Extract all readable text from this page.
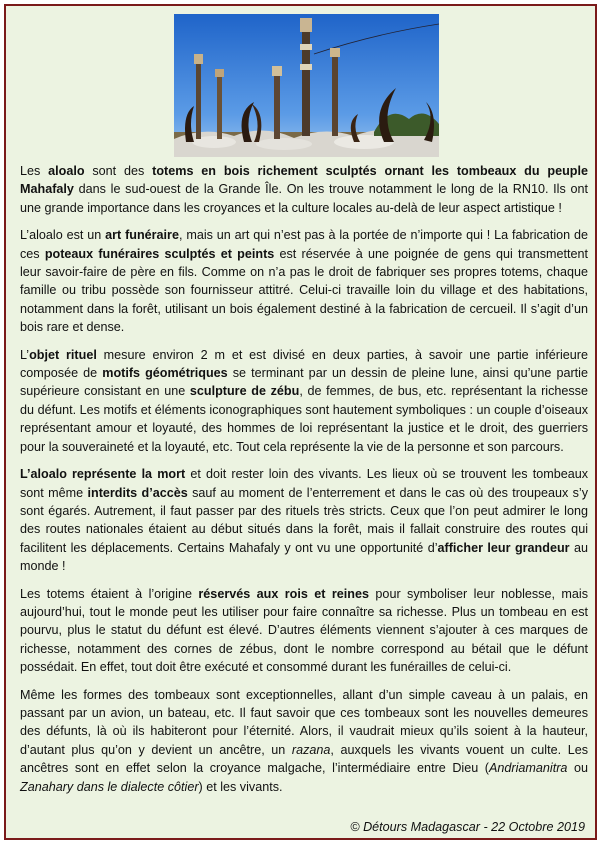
Les aloalo sont des totems en bois richement sculptés ornant les tombeaux du peuple Mahafaly dans le sud-ouest de la Grande Île. On les trouve notamment le long de la RN10. Ils ont une grande importance dans les croyances et la culture locales au-delà de leur aspect artistique !

L’aloalo est un art funéraire, mais un art qui n’est pas à la portée de n’importe qui ! La fabrication de ces poteaux funéraires sculptés et peints est réservée à une poignée de gens qui transmettent leur savoir-faire de père en fils. Comme on n’a pas le droit de fabriquer ses propres totems, chaque famille ou tribu possède son fournisseur attitré. Celui-ci travaille loin du village et des habitations, notamment dans la forêt, utilisant un bois également destiné à la fabrication de cercueil. Il s’agit d’un bois rare et dense.

L’objet rituel mesure environ 2 m et est divisé en deux parties, à savoir une partie inférieure composée de motifs géométriques se terminant par un dessin de pleine lune, ainsi qu’une partie supérieure consistant en une sculpture de zébu, de femmes, de bus, etc. représentant la richesse du défunt. Les motifs et éléments iconographiques sont hautement symboliques : un couple d’oiseaux représentant amour et loyauté, des hommes de loi représentant la justice et le droit, des guerriers pour la souveraineté et la loyauté, etc. Tout cela représente la vie de la personne et son parcours.

L’aloalo représente la mort et doit rester loin des vivants. Les lieux où se trouvent les tombeaux sont même interdits d’accès sauf au moment de l’enterrement et dans le cas où des troupeaux s’y sont égarés. Autrement, il faut passer par des rituels très stricts. Ceux que l’on peut admirer le long des routes nationales étaient au début situés dans la forêt, mais il fallait construire des routes qui facilitent les déplacements. Certains Mahafaly y ont vu une opportunité d’afficher leur grandeur au monde !

Les totems étaient à l’origine réservés aux rois et reines pour symboliser leur noblesse, mais aujourd’hui, tout le monde peut les utiliser pour faire connaître sa richesse. Plus un tombeau en est pourvu, plus le statut du défunt est élevé. D’autres éléments viennent s’ajouter à ces marques de richesse, notamment des cornes de zébus, dont le nombre correspond au bétail que le défunt possédait. En effet, tout doit être exécuté et consommé durant les funérailles de celui-ci.

Même les formes des tombeaux sont exceptionnelles, allant d’un simple caveau à un palais, en passant par un avion, un bateau, etc. Il faut savoir que ces tombeaux sont les nouvelles demeures des défunts, là où ils habiteront pour l’éternité. Alors, il vaudrait mieux qu’ils soient à la hauteur, d’autant plus qu’on y devient un ancêtre, un razana, auxquels les vivants vouent un culte. Les ancêtres sont en effet selon la croyance malgache, l’intermédiaire entre Dieu (Andriamanitra ou Zanahary dans le dialecte côtier) et les vivants.

© Détours Madagascar - 22 Octobre 2019
